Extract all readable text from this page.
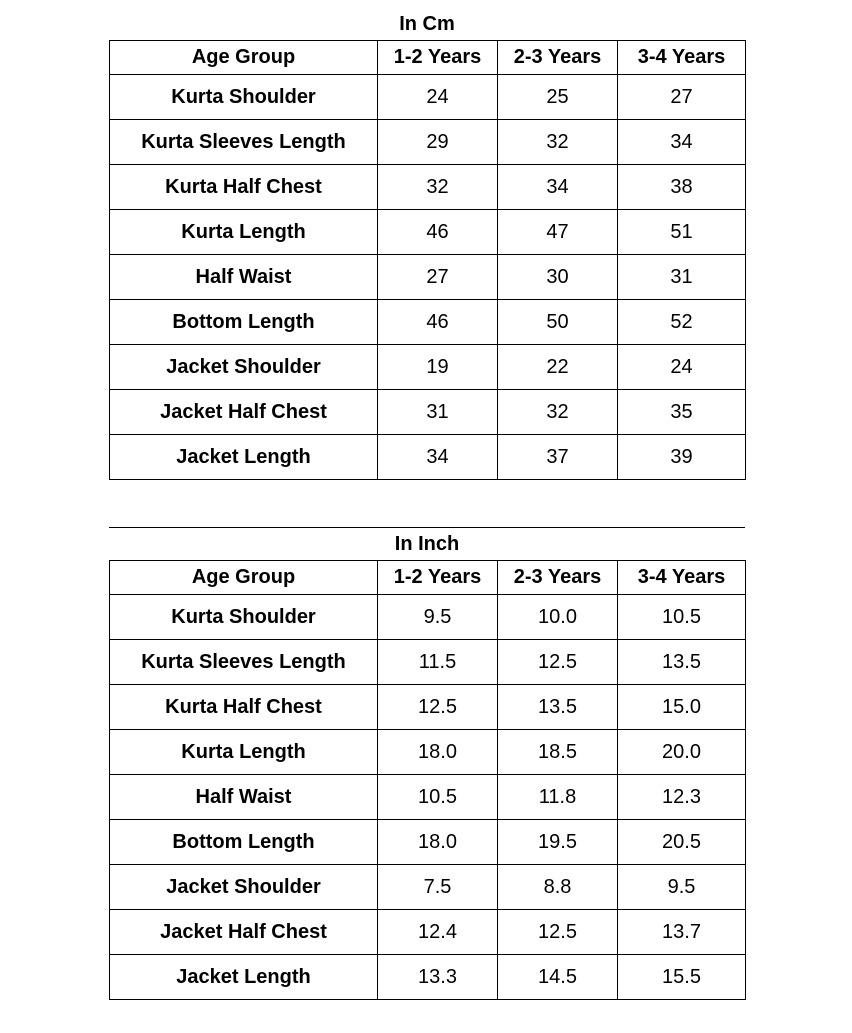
In Cm
Age Group	1-2 Years	2-3 Years	3-4 Years
Kurta Shoulder	24	25	27
Kurta Sleeves Length	29	32	34
Kurta Half Chest	32	34	38
Kurta Length	46	47	51
Half Waist	27	30	31
Bottom Length	46	50	52
Jacket Shoulder	19	22	24
Jacket Half Chest	31	32	35
Jacket Length	34	37	39
In Inch
Age Group	1-2 Years	2-3 Years	3-4 Years
Kurta Shoulder	9.5	10.0	10.5
Kurta Sleeves Length	11.5	12.5	13.5
Kurta Half Chest	12.5	13.5	15.0
Kurta Length	18.0	18.5	20.0
Half Waist	10.5	11.8	12.3
Bottom Length	18.0	19.5	20.5
Jacket Shoulder	7.5	8.8	9.5
Jacket Half Chest	12.4	12.5	13.7
Jacket Length	13.3	14.5	15.5
